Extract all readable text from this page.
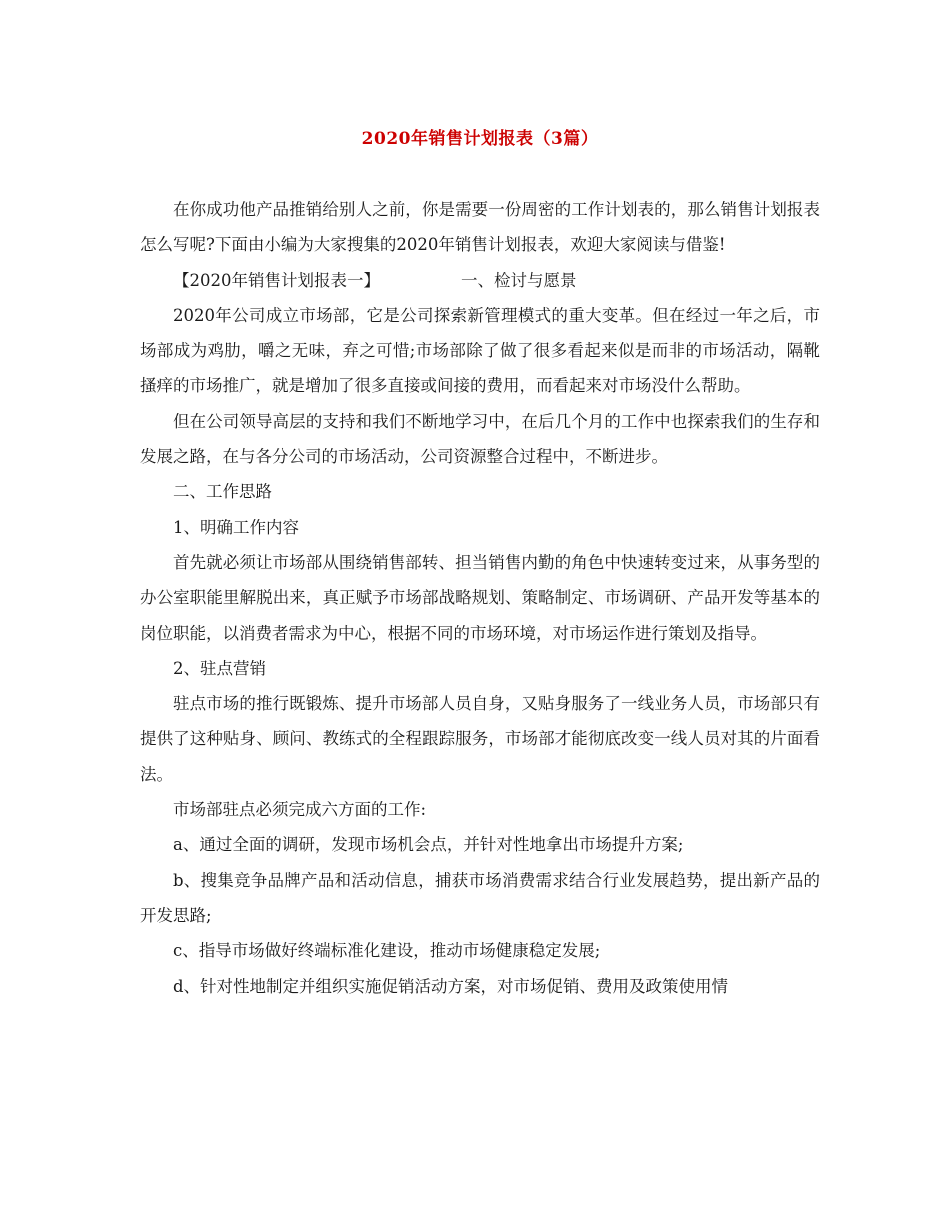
2020年销售计划报表（3篇）

在你成功他产品推销给别人之前，你是需要一份周密的工作计划表的，那么销售计划报表怎么写呢?下面由小编为大家搜集的2020年销售计划报表，欢迎大家阅读与借鉴!

【2020年销售计划报表一】	一、检讨与愿景

2020年公司成立市场部，它是公司探索新管理模式的重大变革。但在经过一年之后，市场部成为鸡肋，嚼之无味，弃之可惜;市场部除了做了很多看起来似是而非的市场活动，隔靴搔痒的市场推广，就是增加了很多直接或间接的费用，而看起来对市场没什么帮助。

但在公司领导高层的支持和我们不断地学习中，在后几个月的工作中也探索我们的生存和发展之路，在与各分公司的市场活动，公司资源整合过程中，不断进步。

二、工作思路

1、明确工作内容

首先就必须让市场部从围绕销售部转、担当销售内勤的角色中快速转变过来，从事务型的办公室职能里解脱出来，真正赋予市场部战略规划、策略制定、市场调研、产品开发等基本的岗位职能，以消费者需求为中心，根据不同的市场环境，对市场运作进行策划及指导。

2、驻点营销

驻点市场的推行既锻炼、提升市场部人员自身，又贴身服务了一线业务人员，市场部只有提供了这种贴身、顾问、教练式的全程跟踪服务，市场部才能彻底改变一线人员对其的片面看法。

市场部驻点必须完成六方面的工作:

a、通过全面的调研，发现市场机会点，并针对性地拿出市场提升方案;

b、搜集竞争品牌产品和活动信息，捕获市场消费需求结合行业发展趋势，提出新产品的开发思路;

c、指导市场做好终端标准化建设，推动市场健康稳定发展;

d、针对性地制定并组织实施促销活动方案，对市场促销、费用及政策使用情
